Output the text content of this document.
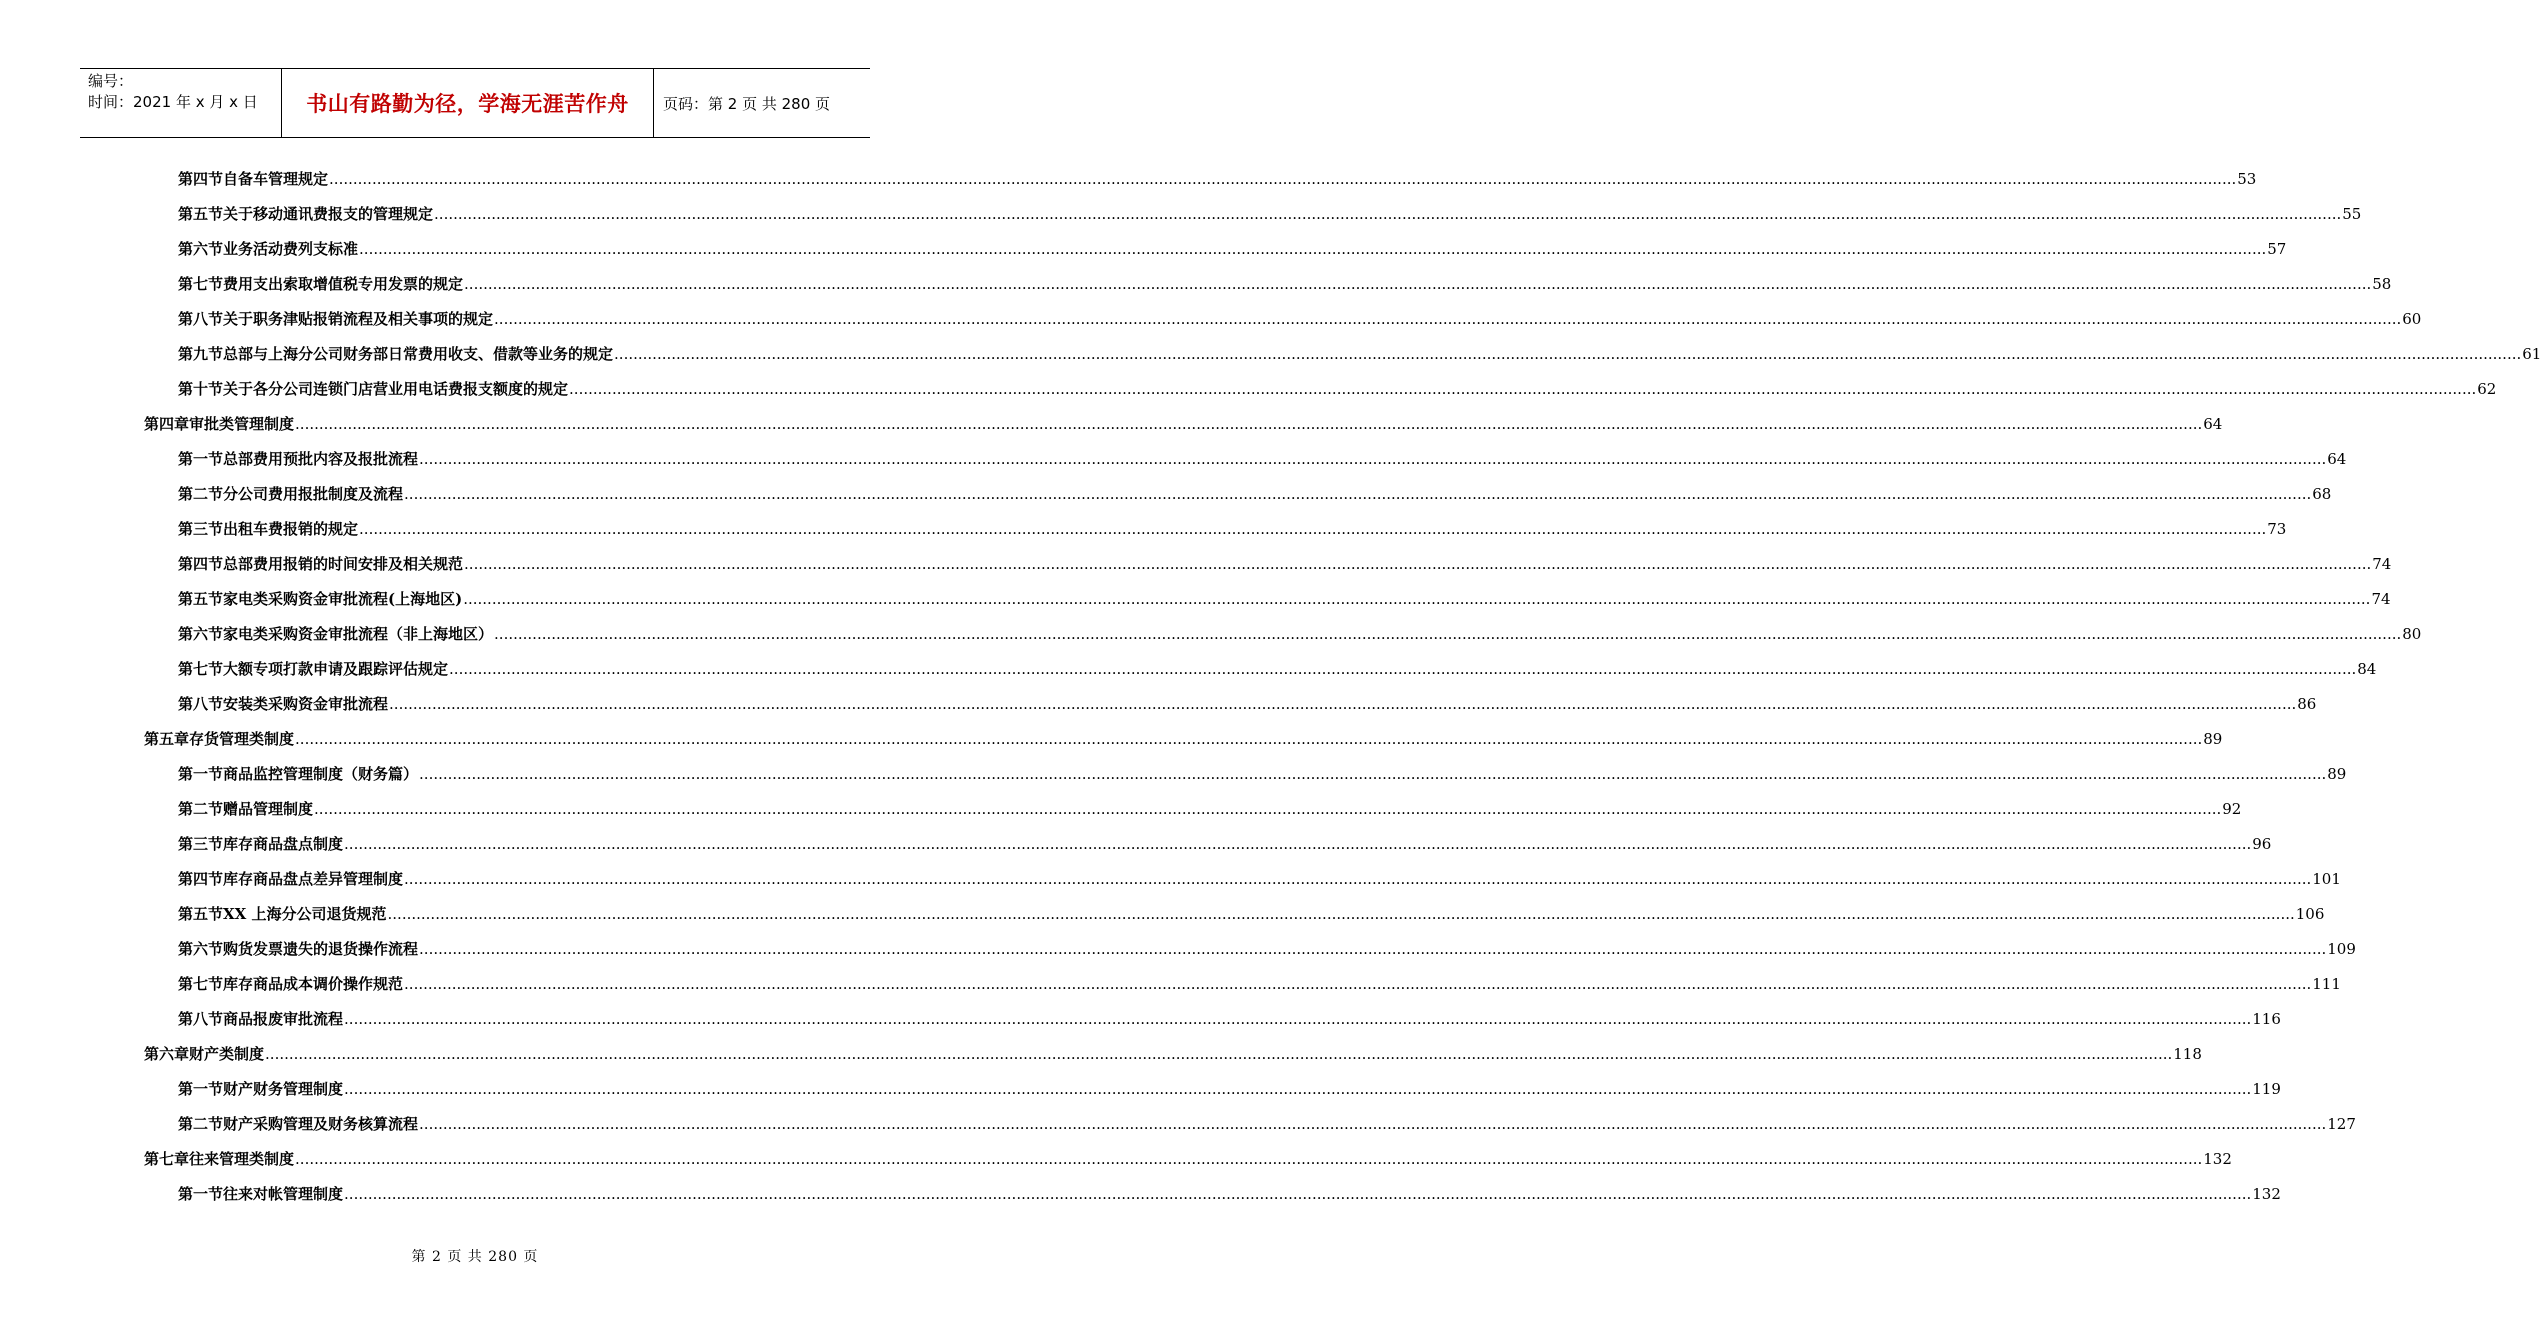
编号：
时间：2021 年 x 月 x 日	书山有路勤为径，学海无涯苦作舟	页码：第 2 页 共 280 页
第四节 自备车管理规定 ................................................................................................................................................................................................................................................................................................................................................................................................................ 53
第五节 关于移动通讯费报支的管理规定 ................................................................................................................................................................................................................................................................................................................................................................................................................ 55
第六节 业务活动费列支标准 ................................................................................................................................................................................................................................................................................................................................................................................................................ 57
第七节 费用支出索取增值税专用发票的规定 ................................................................................................................................................................................................................................................................................................................................................................................................................ 58
第八节 关于职务津贴报销流程及相关事项的规定 ................................................................................................................................................................................................................................................................................................................................................................................................................ 60
第九节 总部与上海分公司财务部日常费用收支、借款等业务的规定 ................................................................................................................................................................................................................................................................................................................................................................................................................ 61
第十节 关于各分公司连锁门店营业用电话费报支额度的规定 ................................................................................................................................................................................................................................................................................................................................................................................................................ 62
第四章 审批类管理制度 ................................................................................................................................................................................................................................................................................................................................................................................................................ 64
第一节 总部费用预批内容及报批流程 ................................................................................................................................................................................................................................................................................................................................................................................................................ 64
第二节 分公司费用报批制度及流程 ................................................................................................................................................................................................................................................................................................................................................................................................................ 68
第三节 出租车费报销的规定 ................................................................................................................................................................................................................................................................................................................................................................................................................ 73
第四节 总部费用报销的时间安排及相关规范 ................................................................................................................................................................................................................................................................................................................................................................................................................ 74
第五节 家电类采购资金审批流程(上海地区) ................................................................................................................................................................................................................................................................................................................................................................................................................ 74
第六节 家电类采购资金审批流程（非上海地区） ................................................................................................................................................................................................................................................................................................................................................................................................................ 80
第七节 大额专项打款申请及跟踪评估规定 ................................................................................................................................................................................................................................................................................................................................................................................................................ 84
第八节 安装类采购资金审批流程 ................................................................................................................................................................................................................................................................................................................................................................................................................ 86
第五章 存货管理类制度 ................................................................................................................................................................................................................................................................................................................................................................................................................ 89
第一节 商品监控管理制度（财务篇） ................................................................................................................................................................................................................................................................................................................................................................................................................ 89
第二节 赠品管理制度 ................................................................................................................................................................................................................................................................................................................................................................................................................ 92
第三节 库存商品盘点制度 ................................................................................................................................................................................................................................................................................................................................................................................................................ 96
第四节 库存商品盘点差异管理制度 ................................................................................................................................................................................................................................................................................................................................................................................................................ 101
第五节 XX 上海分公司退货规范 ................................................................................................................................................................................................................................................................................................................................................................................................................ 106
第六节 购货发票遗失的退货操作流程 ................................................................................................................................................................................................................................................................................................................................................................................................................ 109
第七节 库存商品成本调价操作规范 ................................................................................................................................................................................................................................................................................................................................................................................................................ 111
第八节 商品报废审批流程 ................................................................................................................................................................................................................................................................................................................................................................................................................ 116
第六章 财产类制度 ................................................................................................................................................................................................................................................................................................................................................................................................................ 118
第一节 财产财务管理制度 ................................................................................................................................................................................................................................................................................................................................................................................................................ 119
第二节 财产采购管理及财务核算流程 ................................................................................................................................................................................................................................................................................................................................................................................................................ 127
第七章 往来管理类制度 ................................................................................................................................................................................................................................................................................................................................................................................................................ 132
第一节 往来对帐管理制度 ................................................................................................................................................................................................................................................................................................................................................................................................................ 132
第 2 页 共 280 页
